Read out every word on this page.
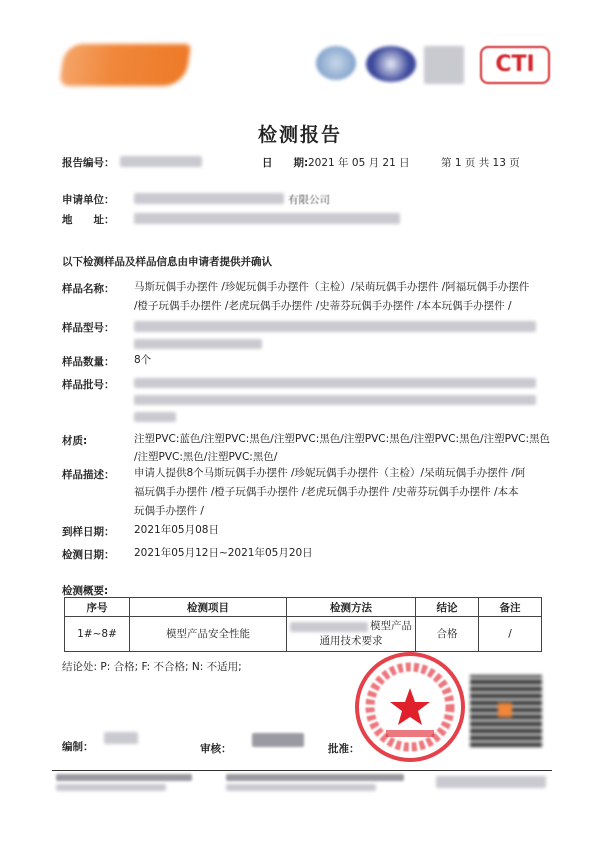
CTI
检测报告
报告编号：	日　　期: 2021 年 05 月 21 日	第 1 页 共 13 页
申请单位：	有限公司
地　　址：
以下检测样品及样品信息由申请者提供并确认
样品名称： 马斯玩偶手办摆件 /珍妮玩偶手办摆件（主检）/呆萌玩偶手办摆件 /阿福玩偶手办摆件
/橙子玩偶手办摆件 /老虎玩偶手办摆件 /史蒂芬玩偶手办摆件 /本本玩偶手办摆件 /
样品型号：
样品数量： 8个
样品批号：
材质:	注塑PVC:蓝色/注塑PVC:黑色/注塑PVC:黑色/注塑PVC:黑色/注塑PVC:黑色/注塑PVC:黑色
/注塑PVC:黑色/注塑PVC:黑色/
样品描述： 申请人提供8个马斯玩偶手办摆件 /珍妮玩偶手办摆件（主检）/呆萌玩偶手办摆件 /阿
福玩偶手办摆件 /橙子玩偶手办摆件 /老虎玩偶手办摆件 /史蒂芬玩偶手办摆件 /本本
玩偶手办摆件 /
到样日期： 2021年05月08日
检测日期： 2021年05月12日~2021年05月20日
检测概要:
序号	检测项目	检测方法	结论	备注
1#~8#	模型产品安全性能	模型产品
通用技术要求	合格	/
结论处: P: 合格; F: 不合格; N: 不适用;
编制：	审核：	批准：
